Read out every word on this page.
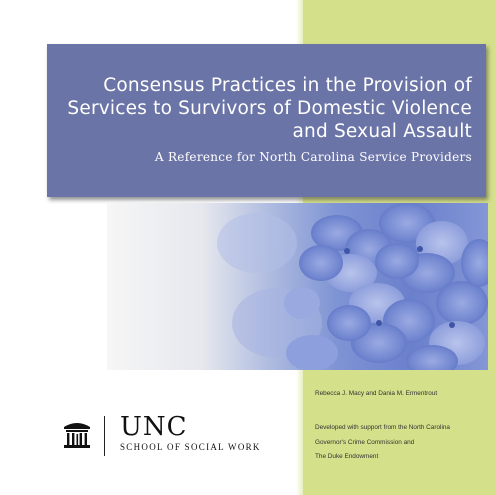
Consensus Practices in the Provision of
Services to Survivors of Domestic Violence
and Sexual Assault
A Reference for North Carolina Service Providers
Rebecca J. Macy and Dania M. Ermentrout
Developed with support from the North Carolina
Governor's Crime Commission and
The Duke Endowment
UNC
SCHOOL OF SOCIAL WORK
